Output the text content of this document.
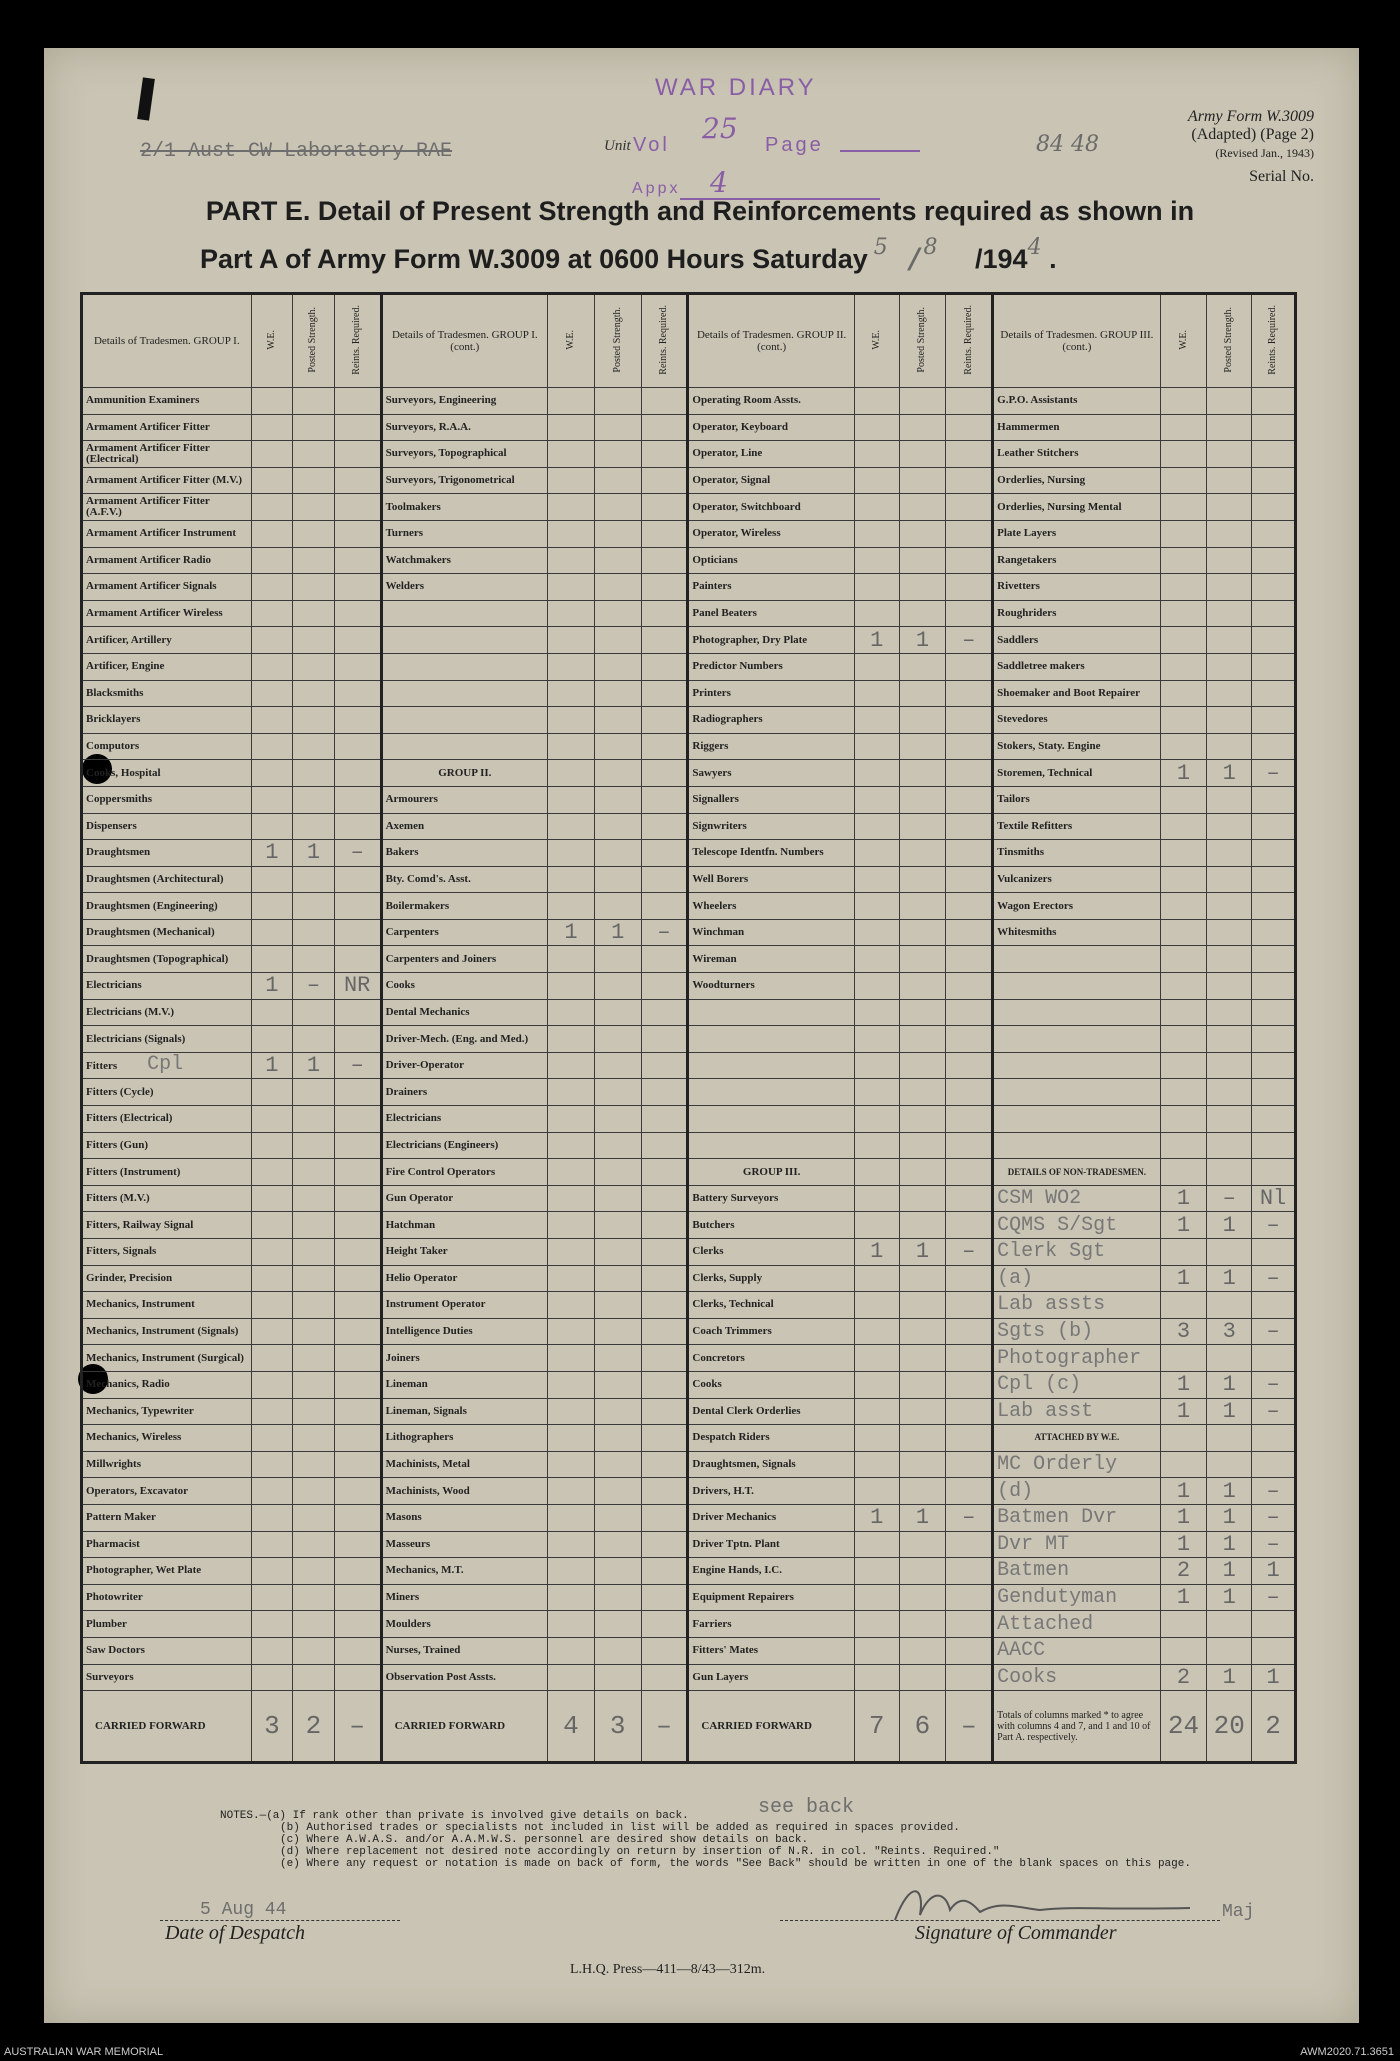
WAR DIARY
2/1 Aust CW Laboratory RAE	Unit Vol 25 Page
Appx 4
Army Form W.3009
(Adapted) (Page 2)
(Revised Jan., 1943)
Serial No.
84 48
PART E. Detail of Present Strength and Reinforcements required as shown in
Part A of Army Form W.3009 at 0600 Hours Saturday $^5$ / $^8$ $/194^4$ .
Details of Tradesmen. GROUP I.	W.E.	Posted Strength.	Reints. Required.	Details of Tradesmen. GROUP I. (cont.)	W.E.	Posted Strength.	Reints. Required.	Details of Tradesmen. GROUP II. (cont.)	W.E.	Posted Strength.	Reints. Required.	Details of Tradesmen. GROUP III. (cont.)	W.E.	Posted Strength.	Reints. Required.
Ammunition Examiners				Surveyors, Engineering				Operating Room Assts.				G.P.O. Assistants			
Armament Artificer Fitter				Surveyors, R.A.A.				Operator, Keyboard				Hammermen			
Armament Artificer Fitter (Electrical)				Surveyors, Topographical				Operator, Line				Leather Stitchers			
Armament Artificer Fitter (M.V.)				Surveyors, Trigonometrical				Operator, Signal				Orderlies, Nursing			
Armament Artificer Fitter (A.F.V.)				Toolmakers				Operator, Switchboard				Orderlies, Nursing Mental			
Armament Artificer Instrument				Turners				Operator, Wireless				Plate Layers			
Armament Artificer Radio				Watchmakers				Opticians				Rangetakers			
Armament Artificer Signals				Welders				Painters				Rivetters			
Armament Artificer Wireless								Panel Beaters				Roughriders			
Artificer, Artillery								Photographer, Dry Plate	1	1	–	Saddlers			
Artificer, Engine								Predictor Numbers				Saddletree makers			
Blacksmiths								Printers				Shoemaker and Boot Repairer			
Bricklayers								Radiographers				Stevedores			
Computors								Riggers				Stokers, Staty. Engine			
Cooks, Hospital				GROUP II.				Sawyers				Storemen, Technical	1	1	–
Coppersmiths				Armourers				Signallers				Tailors			
Dispensers				Axemen				Signwriters				Textile Refitters			
Draughtsmen	1	1	–	Bakers				Telescope Identfn. Numbers				Tinsmiths			
Draughtsmen (Architectural)				Bty. Comd's. Asst.				Well Borers				Vulcanizers			
Draughtsmen (Engineering)				Boilermakers				Wheelers				Wagon Erectors			
Draughtsmen (Mechanical)				Carpenters	1	1	–	Winchman				Whitesmiths			
Draughtsmen (Topographical)				Carpenters and Joiners				Wireman							
Electricians	1	–	NR	Cooks				Woodturners							
Electricians (M.V.)				Dental Mechanics											
Electricians (Signals)				Driver-Mech. (Eng. and Med.)											
Fitters Cpl	1	1	–	Driver-Operator											
Fitters (Cycle)				Drainers											
Fitters (Electrical)				Electricians											
Fitters (Gun)				Electricians (Engineers)											
Fitters (Instrument)				Fire Control Operators				GROUP III.				DETAILS OF NON-TRADESMEN.			
Fitters (M.V.)				Gun Operator				Battery Surveyors				CSM WO2	1	–	Nl
Fitters, Railway Signal				Hatchman				Butchers				CQMS S/Sgt	1	1	–
Fitters, Signals				Height Taker				Clerks	1	1	–	Clerk Sgt			
Grinder, Precision				Helio Operator				Clerks, Supply				(a)	1	1	–
Mechanics, Instrument				Instrument Operator				Clerks, Technical				Lab assts			
Mechanics, Instrument (Signals)				Intelligence Duties				Coach Trimmers				Sgts (b)	3	3	–
Mechanics, Instrument (Surgical)				Joiners				Concretors				Photographer			
Mechanics, Radio				Lineman				Cooks				Cpl (c)	1	1	–
Mechanics, Typewriter				Lineman, Signals				Dental Clerk Orderlies				Lab asst	1	1	–
Mechanics, Wireless				Lithographers				Despatch Riders				ATTACHED BY W.E.			
Millwrights				Machinists, Metal				Draughtsmen, Signals				MC Orderly			
Operators, Excavator				Machinists, Wood				Drivers, H.T.				(d)	1	1	–
Pattern Maker				Masons				Driver Mechanics	1	1	–	Batmen Dvr	1	1	–
Pharmacist				Masseurs				Driver Tptn. Plant				Dvr MT	1	1	–
Photographer, Wet Plate				Mechanics, M.T.				Engine Hands, I.C.				Batmen	2	1	1
Photowriter				Miners				Equipment Repairers				Gendutyman	1	1	–
Plumber				Moulders				Farriers				Attached			
Saw Doctors				Nurses, Trained				Fitters' Mates				AACC			
Surveyors				Observation Post Assts.				Gun Layers				Cooks	2	1	1
CARRIED FORWARD	3	2	–	CARRIED FORWARD	4	3	–	CARRIED FORWARD	7	6	–	Totals of columns marked * to agree with columns 4 and 7, and 1 and 10 of Part A. respectively.	24	20	2
NOTES.—(a) If rank other than private is involved give details on back.
(b) Authorised trades or specialists not included in list will be added as required in spaces provided.
(c) Where A.W.A.S. and/or A.A.M.W.S. personnel are desired show details on back.
(d) Where replacement not desired note accordingly on return by insertion of N.R. in col. "Reints. Required."
(e) Where any request or notation is made on back of form, the words "See Back" should be written in one of the blank spaces on this page.
see back
5 Aug 44
Date of Despatch
Maj
Signature of Commander
L.H.Q. Press—411—8/43—312m.
AUSTRALIAN WAR MEMORIAL	AWM2020.71.3651
